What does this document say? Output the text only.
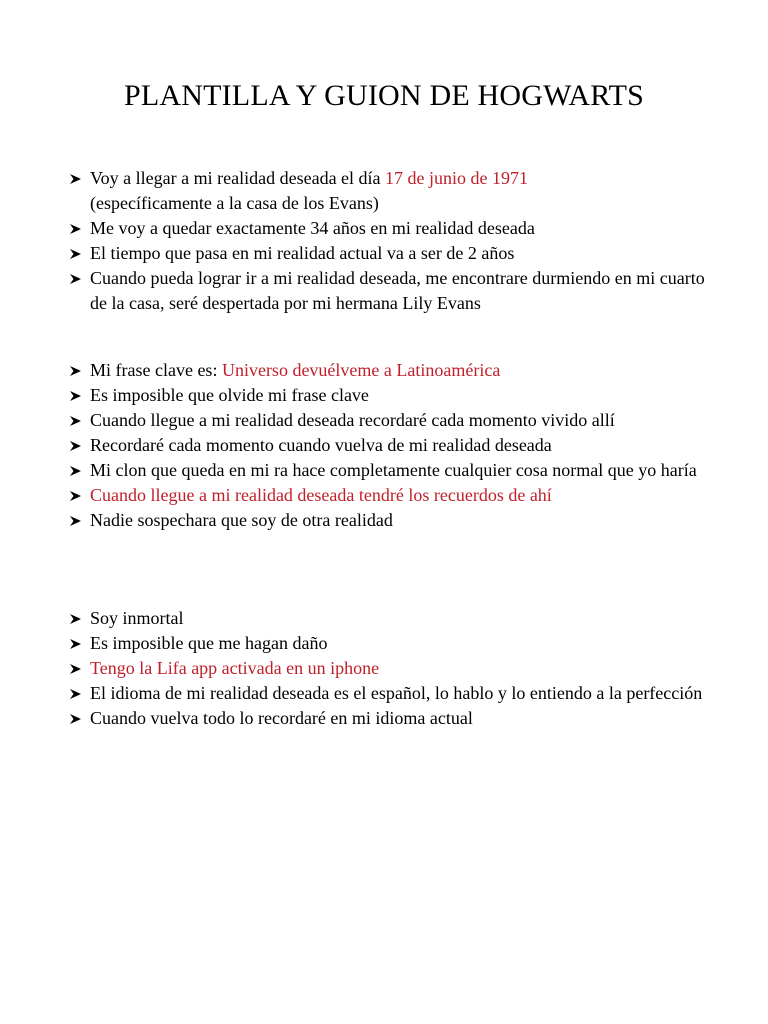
PLANTILLA Y GUION DE HOGWARTS
Voy a llegar a mi realidad deseada el día 17 de junio de 1971
(específicamente a la casa de los Evans)
Me voy a quedar exactamente 34 años en mi realidad deseada
El tiempo que pasa en mi realidad actual va a ser de 2 años
Cuando pueda lograr ir a mi realidad deseada, me encontrare durmiendo en mi cuarto de la casa, seré despertada por mi hermana Lily Evans
Mi frase clave es: Universo devuélveme a Latinoamérica
Es imposible que olvide mi frase clave
Cuando llegue a mi realidad deseada recordaré cada momento vivido allí
Recordaré cada momento cuando vuelva de mi realidad deseada
Mi clon que queda en mi ra hace completamente cualquier cosa normal que yo haría
Cuando llegue a mi realidad deseada tendré los recuerdos de ahí
Nadie sospechara que soy de otra realidad
Soy inmortal
Es imposible que me hagan daño
Tengo la Lifa app activada en un iphone
El idioma de mi realidad deseada es el español, lo hablo y lo entiendo a la perfección
Cuando vuelva todo lo recordaré en mi idioma actual
